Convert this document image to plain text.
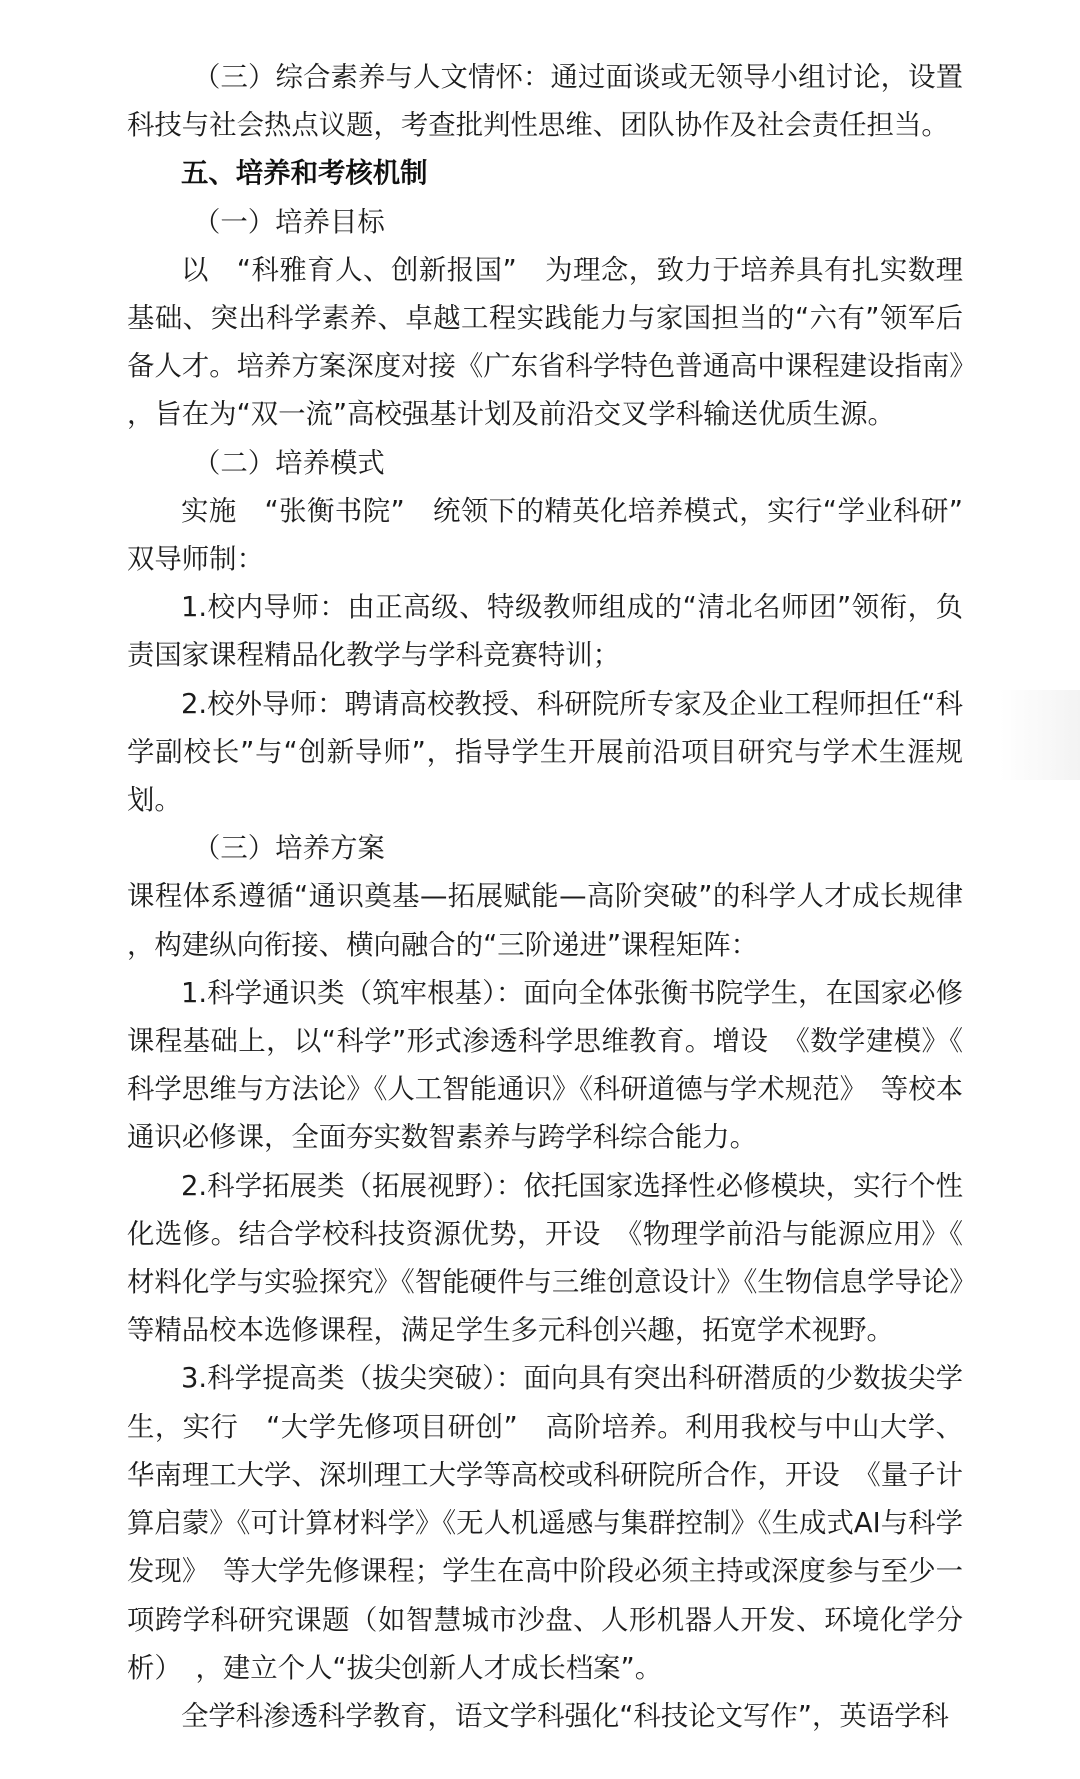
（三）综合素养与人文情怀：通过面谈或无领导小组讨论，设置科技与社会热点议题，考查批判性思维、团队协作及社会责任担当。

五、培养和考核机制

（一）培养目标

以　“科雅育人、创新报国”　为理念，致力于培养具有扎实数理基础、突出科学素养、卓越工程实践能力与家国担当的“六有”领军后备人才。培养方案深度对接《广东省科学特色普通高中课程建设指南》，旨在为“双一流”高校强基计划及前沿交叉学科输送优质生源。

（二）培养模式

实施　“张衡书院”　统领下的精英化培养模式，实行“学业科研”双导师制：

1.校内导师：由正高级、特级教师组成的“清北名师团”领衔，负责国家课程精品化教学与学科竞赛特训；

2.校外导师：聘请高校教授、科研院所专家及企业工程师担任“科学副校长”与“创新导师”，指导学生开展前沿项目研究与学术生涯规划。

（三）培养方案

课程体系遵循“通识奠基—拓展赋能—高阶突破”的科学人才成长规律，构建纵向衔接、横向融合的“三阶递进”课程矩阵：

1.科学通识类（筑牢根基）：面向全体张衡书院学生，在国家必修课程基础上，以“科学”形式渗透科学思维教育。增设　《数学建模》《科学思维与方法论》《人工智能通识》《科研道德与学术规范》　等校本通识必修课，全面夯实数智素养与跨学科综合能力。

2.科学拓展类（拓展视野）：依托国家选择性必修模块，实行个性化选修。结合学校科技资源优势，开设　《物理学前沿与能源应用》《材料化学与实验探究》《智能硬件与三维创意设计》《生物信息学导论》　等精品校本选修课程，满足学生多元科创兴趣，拓宽学术视野。

3.科学提高类（拔尖突破）：面向具有突出科研潜质的少数拔尖学生，实行　“大学先修项目研创”　高阶培养。利用我校与中山大学、华南理工大学、深圳理工大学等高校或科研院所合作，开设　《量子计算启蒙》《可计算材料学》《无人机遥感与集群控制》《生成式AI与科学发现》　等大学先修课程；学生在高中阶段必须主持或深度参与至少一项跨学科研究课题（如智慧城市沙盘、人形机器人开发、环境化学分析）　，建立个人“拔尖创新人才成长档案”。

全学科渗透科学教育，语文学科强化“科技论文写作”，英语学科
